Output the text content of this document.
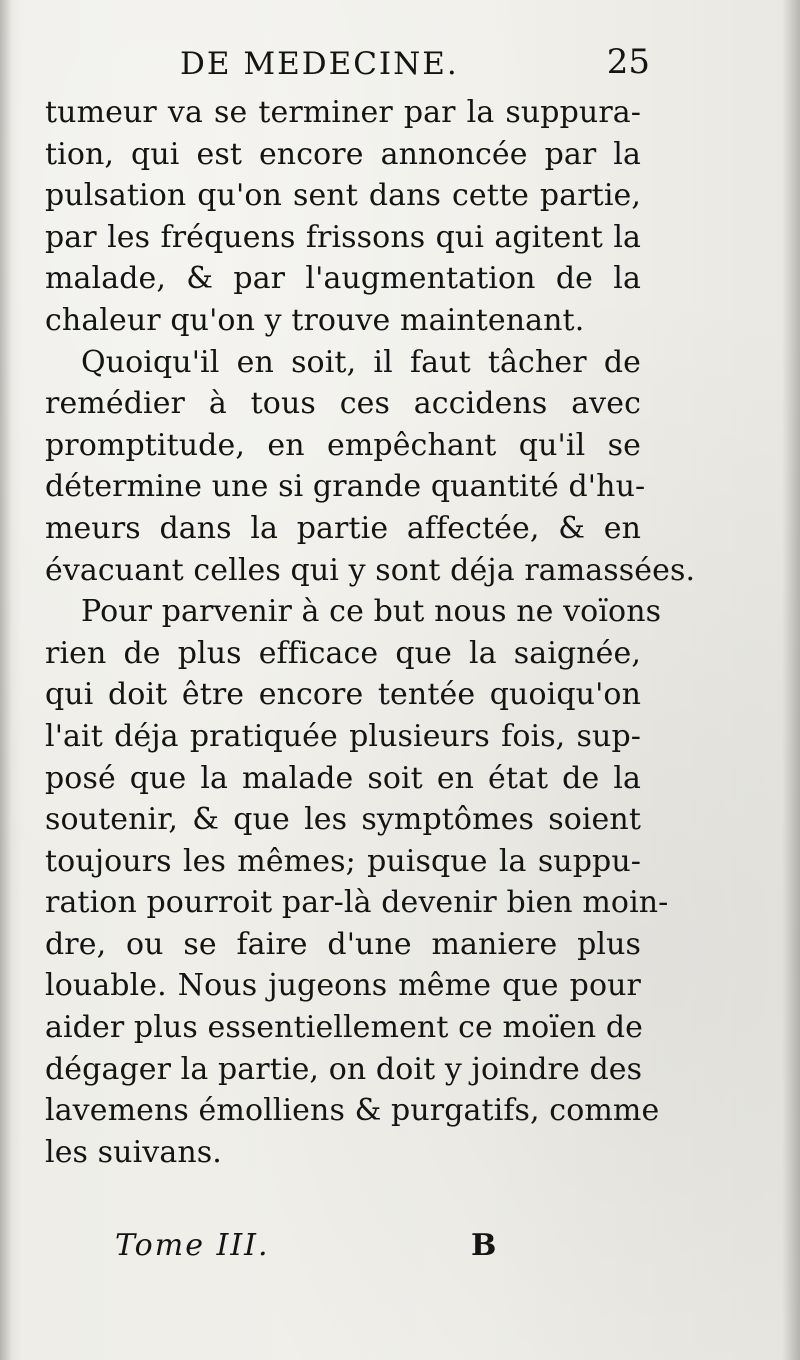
DE MEDECINE.	25
tumeur va se terminer par la suppura-
tion, qui est encore annoncée par la
pulsation qu'on sent dans cette partie,
par les fréquens frissons qui agitent la
malade, & par l'augmentation de la
chaleur qu'on y trouve maintenant.
Quoiqu'il en soit, il faut tâcher de
remédier à tous ces accidens avec
promptitude, en empêchant qu'il se
détermine une si grande quantité d'hu-
meurs dans la partie affectée, & en
évacuant celles qui y sont déja ramassées.
Pour parvenir à ce but nous ne voïons
rien de plus efficace que la saignée,
qui doit être encore tentée quoiqu'on
l'ait déja pratiquée plusieurs fois, sup-
posé que la malade soit en état de la
soutenir, & que les symptômes soient
toujours les mêmes; puisque la suppu-
ration pourroit par-là devenir bien moin-
dre, ou se faire d'une maniere plus
louable. Nous jugeons même que pour
aider plus essentiellement ce moïen de
dégager la partie, on doit y joindre des
lavemens émolliens & purgatifs, comme
les suivans.
Tome III.	B
